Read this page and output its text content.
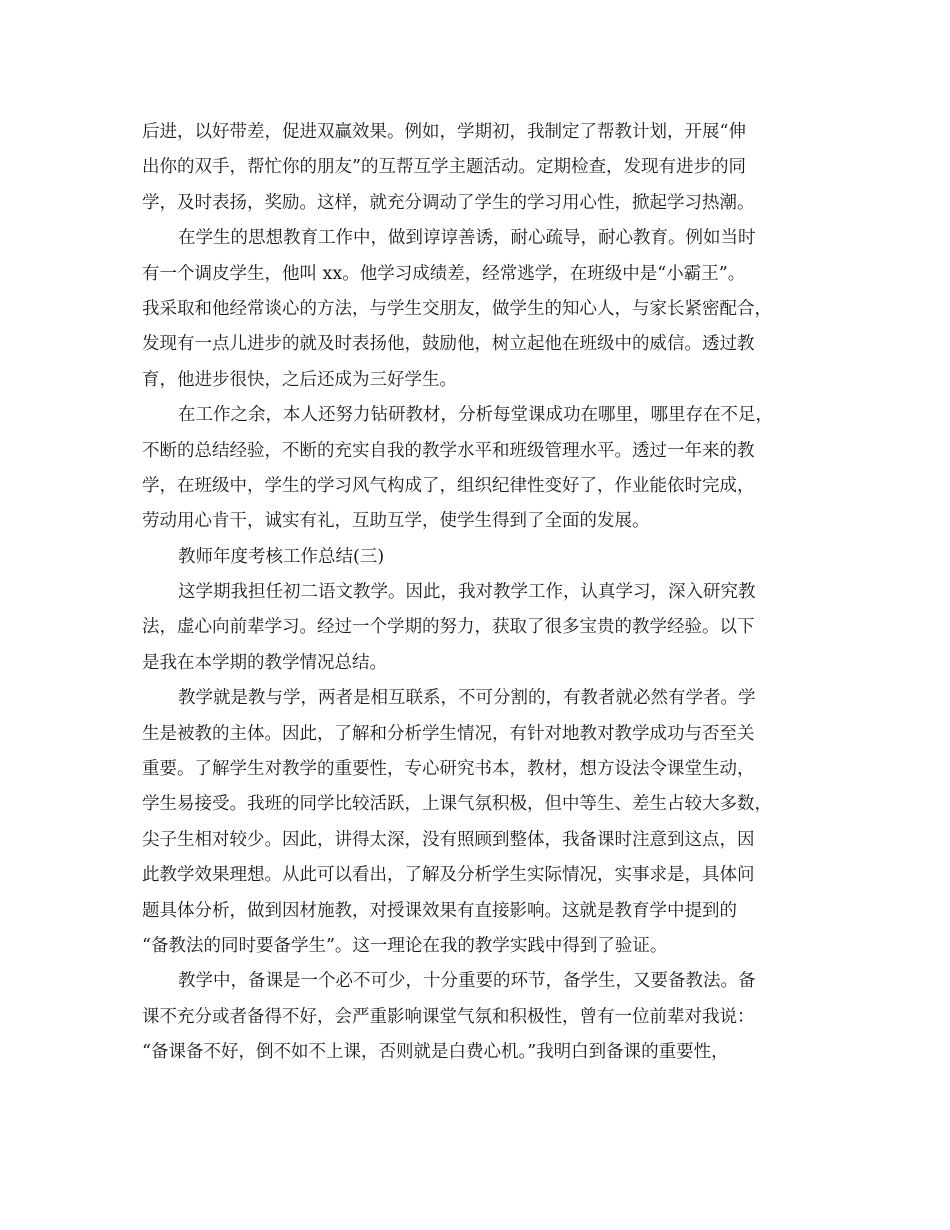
后进，以好带差，促进双赢效果。例如，学期初，我制定了帮教计划，开展“伸
出你的双手，帮忙你的朋友”的互帮互学主题活动。定期检查，发现有进步的同
学，及时表扬，奖励。这样，就充分调动了学生的学习用心性，掀起学习热潮。
在学生的思想教育工作中，做到谆谆善诱，耐心疏导，耐心教育。例如当时
有一个调皮学生，他叫 xx。他学习成绩差，经常逃学，在班级中是“小霸王”。
我采取和他经常谈心的方法，与学生交朋友，做学生的知心人，与家长紧密配合，
发现有一点儿进步的就及时表扬他，鼓励他，树立起他在班级中的威信。透过教
育，他进步很快，之后还成为三好学生。
在工作之余，本人还努力钻研教材，分析每堂课成功在哪里，哪里存在不足，
不断的总结经验，不断的充实自我的教学水平和班级管理水平。透过一年来的教
学，在班级中，学生的学习风气构成了，组织纪律性变好了，作业能依时完成，
劳动用心肯干，诚实有礼，互助互学，使学生得到了全面的发展。
教师年度考核工作总结(三)
这学期我担任初二语文教学。因此，我对教学工作，认真学习，深入研究教
法，虚心向前辈学习。经过一个学期的努力，获取了很多宝贵的教学经验。以下
是我在本学期的教学情况总结。
教学就是教与学，两者是相互联系，不可分割的，有教者就必然有学者。学
生是被教的主体。因此，了解和分析学生情况，有针对地教对教学成功与否至关
重要。了解学生对教学的重要性，专心研究书本，教材，想方设法令课堂生动，
学生易接受。我班的同学比较活跃，上课气氛积极，但中等生、差生占较大多数，
尖子生相对较少。因此，讲得太深，没有照顾到整体，我备课时注意到这点，因
此教学效果理想。从此可以看出，了解及分析学生实际情况，实事求是，具体问
题具体分析，做到因材施教，对授课效果有直接影响。这就是教育学中提到的
“备教法的同时要备学生”。这一理论在我的教学实践中得到了验证。
教学中，备课是一个必不可少，十分重要的环节，备学生，又要备教法。备
课不充分或者备得不好，会严重影响课堂气氛和积极性，曾有一位前辈对我说：
“备课备不好，倒不如不上课，否则就是白费心机。”我明白到备课的重要性，
